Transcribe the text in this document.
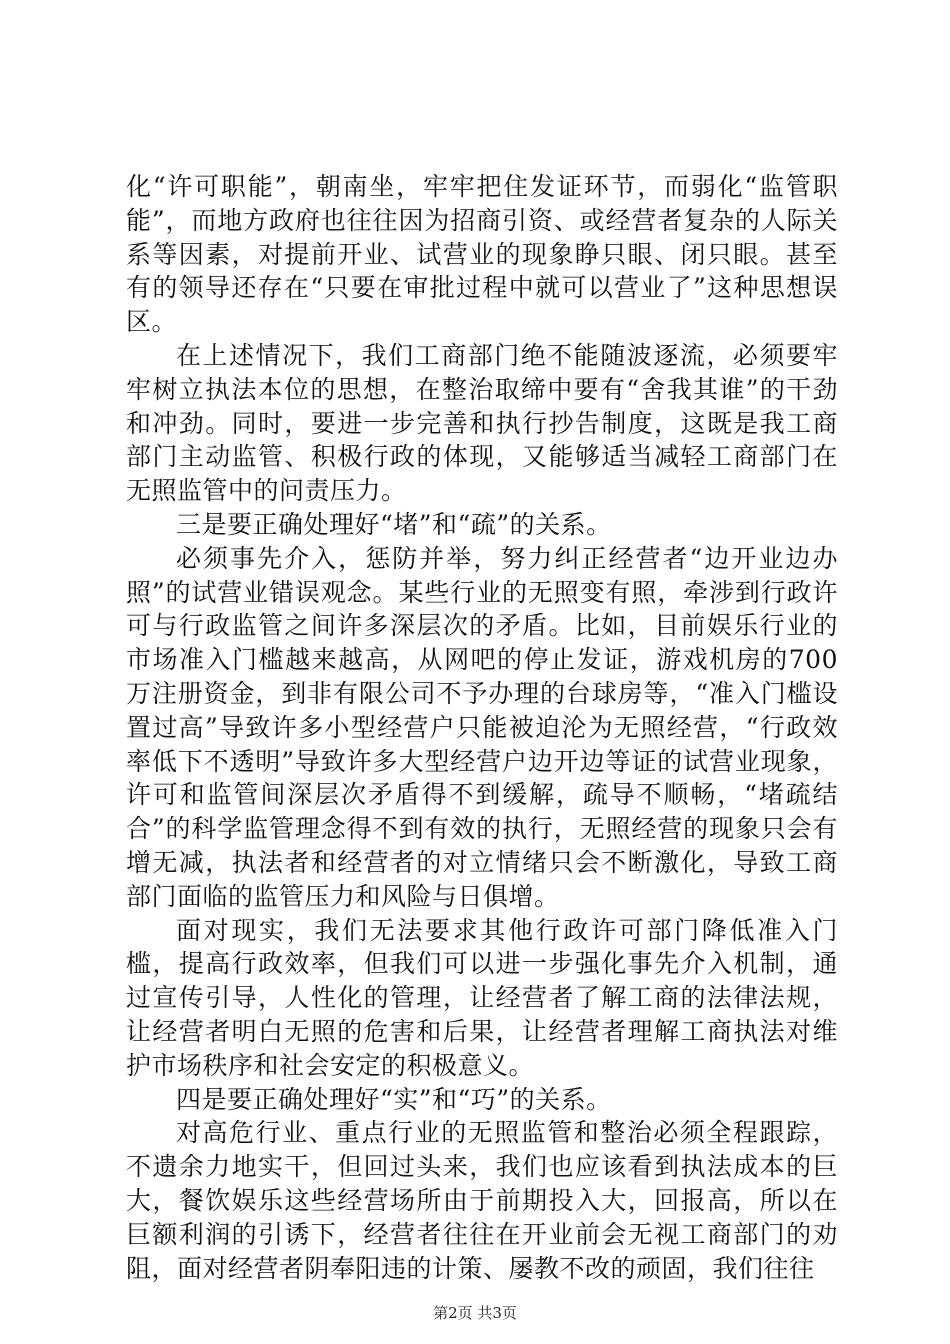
化“许可职能”，朝南坐，牢牢把住发证环节，而弱化“监管职能”，而地方政府也往往因为招商引资、或经营者复杂的人际关系等因素，对提前开业、试营业的现象睁只眼、闭只眼。甚至有的领导还存在“只要在审批过程中就可以营业了”这种思想误区。

在上述情况下，我们工商部门绝不能随波逐流，必须要牢牢树立执法本位的思想，在整治取缔中要有“舍我其谁”的干劲和冲劲。同时，要进一步完善和执行抄告制度，这既是我工商部门主动监管、积极行政的体现，又能够适当减轻工商部门在无照监管中的问责压力。

三是要正确处理好“堵”和“疏”的关系。

必须事先介入，惩防并举，努力纠正经营者“边开业边办照”的试营业错误观念。某些行业的无照变有照，牵涉到行政许可与行政监管之间许多深层次的矛盾。比如，目前娱乐行业的市场准入门槛越来越高，从网吧的停止发证，游戏机房的700万注册资金，到非有限公司不予办理的台球房等，“准入门槛设置过高”导致许多小型经营户只能被迫沦为无照经营，“行政效率低下不透明”导致许多大型经营户边开边等证的试营业现象，许可和监管间深层次矛盾得不到缓解，疏导不顺畅，“堵疏结合”的科学监管理念得不到有效的执行，无照经营的现象只会有增无减，执法者和经营者的对立情绪只会不断激化，导致工商部门面临的监管压力和风险与日俱增。

面对现实，我们无法要求其他行政许可部门降低准入门槛，提高行政效率，但我们可以进一步强化事先介入机制，通过宣传引导，人性化的管理，让经营者了解工商的法律法规，让经营者明白无照的危害和后果，让经营者理解工商执法对维护市场秩序和社会安定的积极意义。

四是要正确处理好“实”和“巧”的关系。

对高危行业、重点行业的无照监管和整治必须全程跟踪，不遗余力地实干，但回过头来，我们也应该看到执法成本的巨大，餐饮娱乐这些经营场所由于前期投入大，回报高，所以在巨额利润的引诱下，经营者往往在开业前会无视工商部门的劝阻，面对经营者阴奉阳违的计策、屡教不改的顽固，我们往往

第2页 共3页
